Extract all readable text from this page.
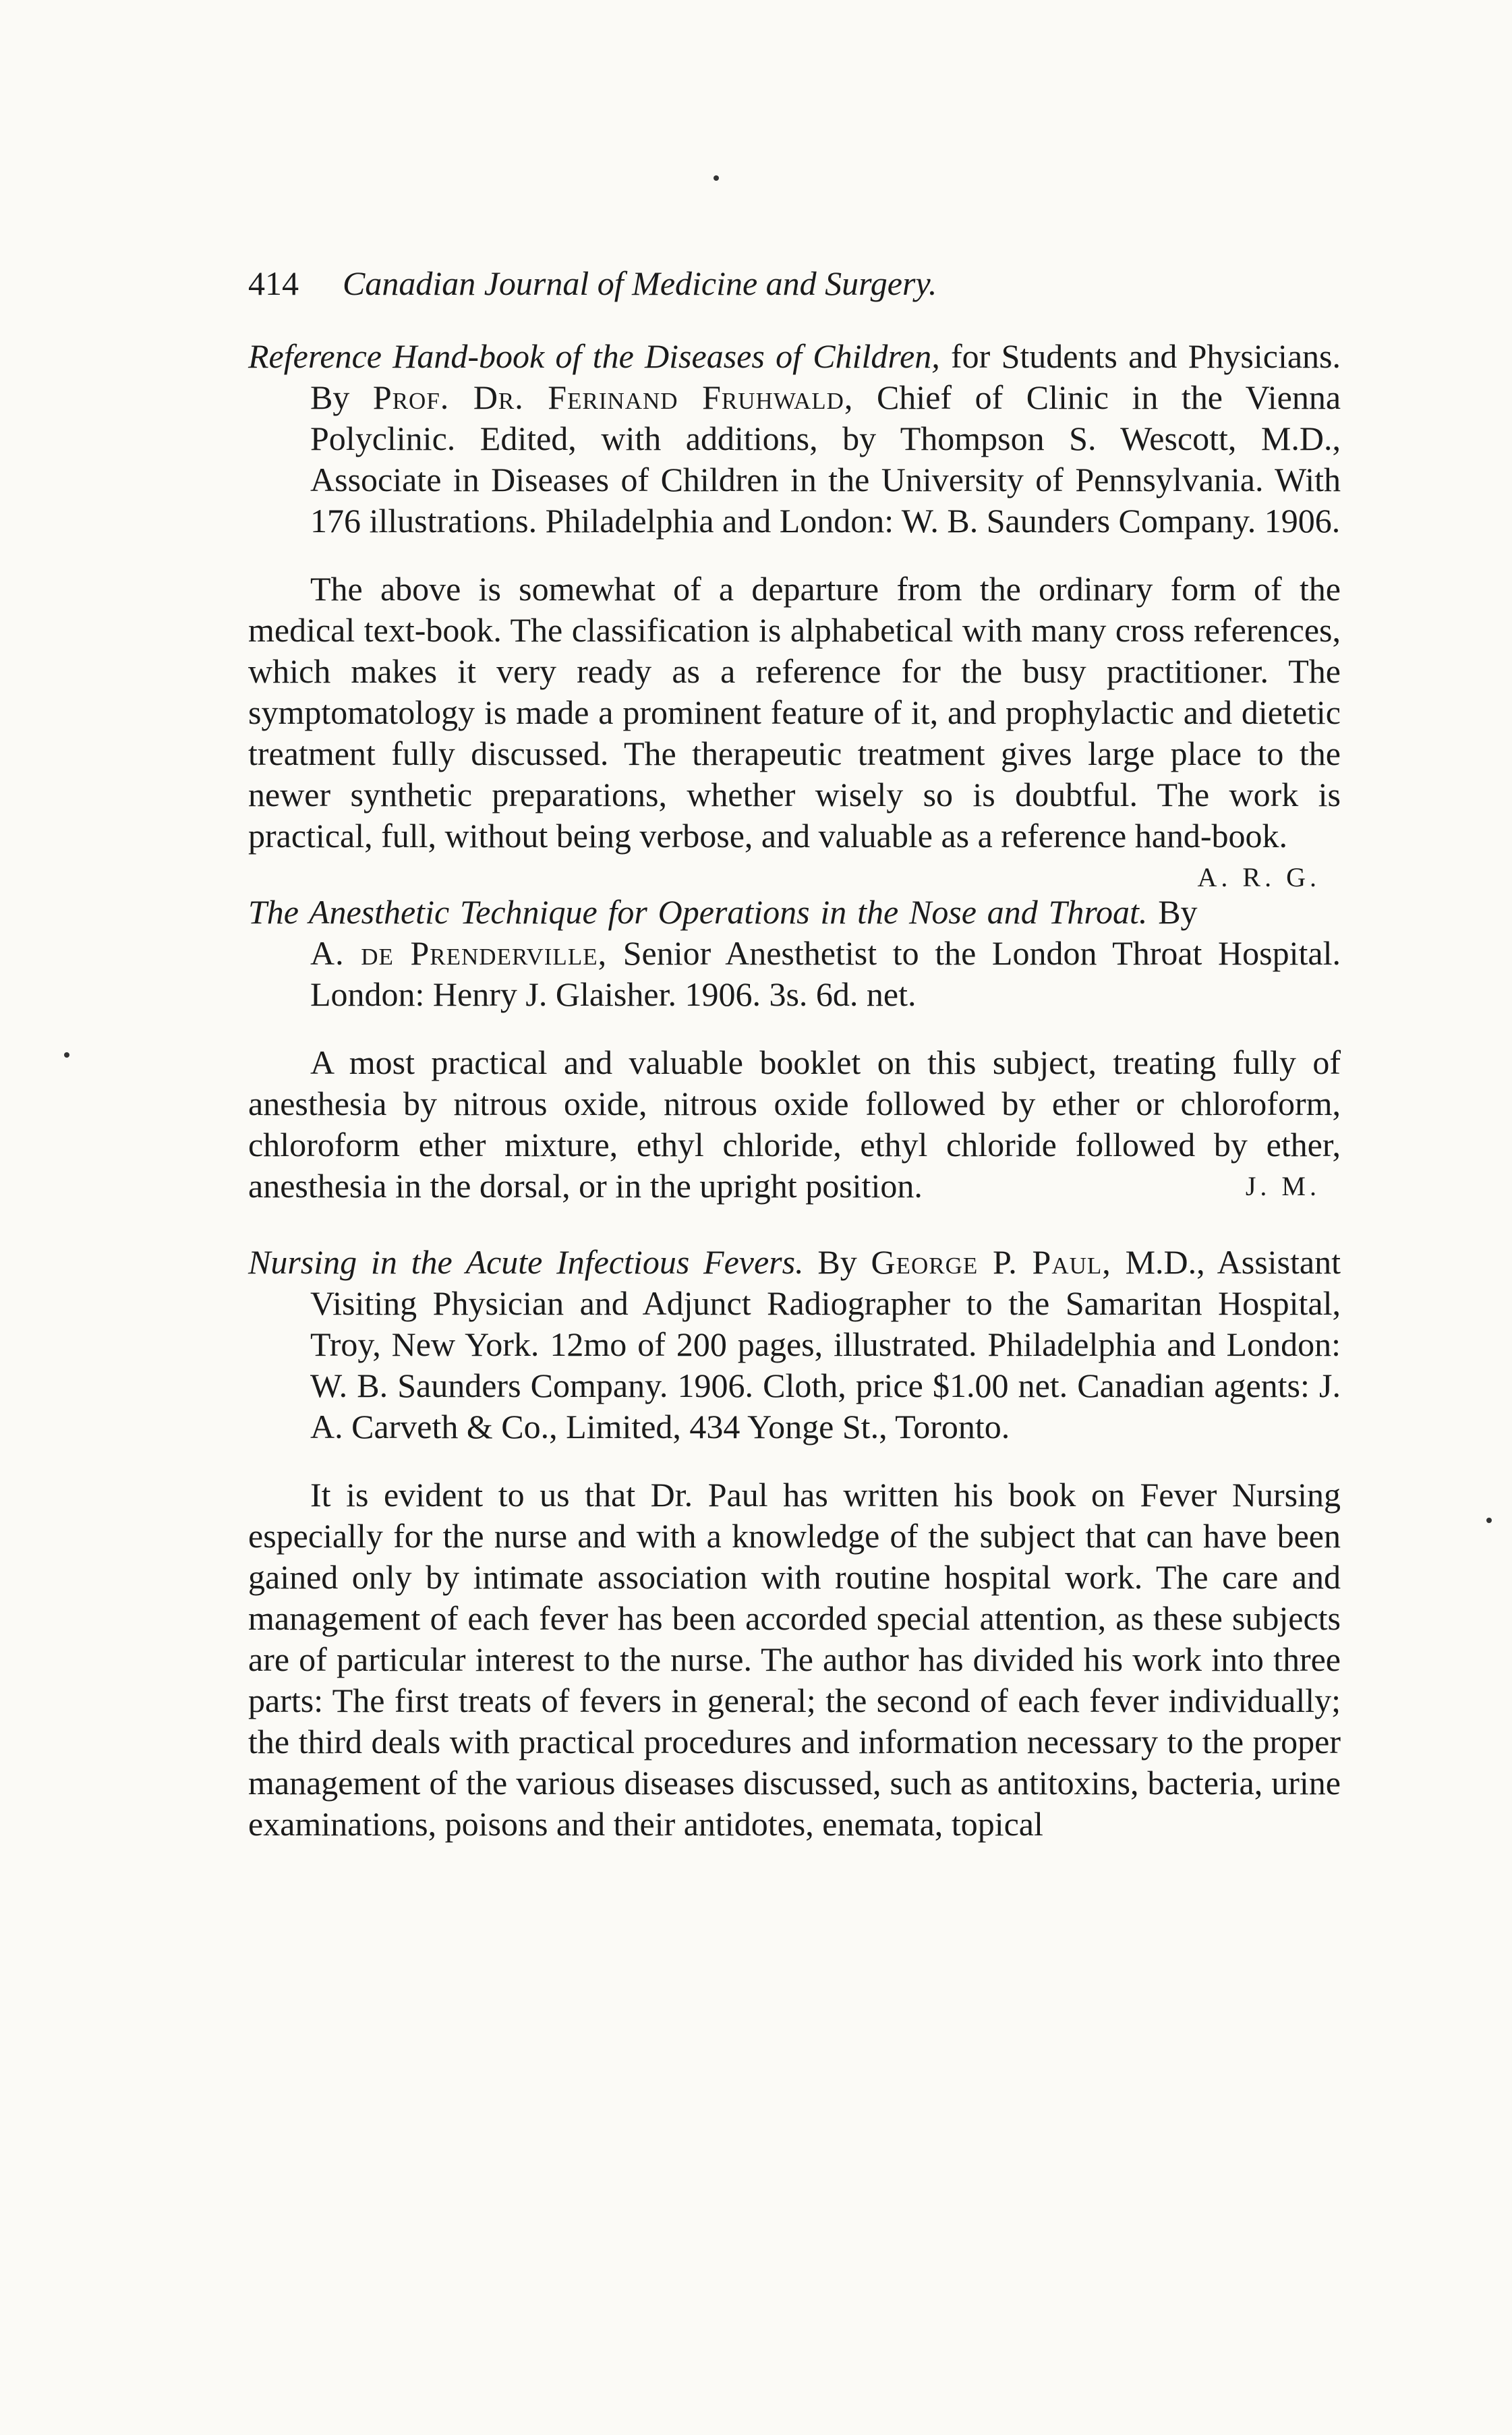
414	Canadian Journal of Medicine and Surgery.

Reference Hand-book of the Diseases of Children, for Students and Physicians. By Prof. Dr. Ferinand Fruhwald, Chief of Clinic in the Vienna Polyclinic. Edited, with additions, by Thompson S. Wescott, M.D., Associate in Diseases of Children in the University of Pennsylvania. With 176 illustrations. Philadelphia and London: W. B. Saunders Company. 1906.

The above is somewhat of a departure from the ordinary form of the medical text-book. The classification is alphabetical with many cross references, which makes it very ready as a reference for the busy practitioner. The symptomatology is made a prominent feature of it, and prophylactic and dietetic treatment fully discussed. The therapeutic treatment gives large place to the newer synthetic preparations, whether wisely so is doubtful. The work is practical, full, without being verbose, and valuable as a reference hand-book.
A. R. G.

The Anesthetic Technique for Operations in the Nose and Throat. By A. de Prendervil​le, Senior Anesthetist to the London Throat Hospital. London: Henry J. Glaisher. 1906. 3s. 6d. net.

A most practical and valuable booklet on this subject, treating fully of anesthesia by nitrous oxide, nitrous oxide followed by ether or chloroform, chloroform ether mixture, ethyl chloride, ethyl chloride followed by ether, anesthesia in the dorsal, or in the upright position.	J. M.

Nursing in the Acute Infectious Fevers. By George P. Paul, M.D., Assistant Visiting Physician and Adjunct Radiographer to the Samaritan Hospital, Troy, New York. 12mo of 200 pages, illustrated. Philadelphia and London: W. B. Saunders Company. 1906. Cloth, price $1.00 net. Canadian agents: J. A. Carveth & Co., Limited, 434 Yonge St., Toronto.

It is evident to us that Dr. Paul has written his book on Fever Nursing especially for the nurse and with a knowledge of the subject that can have been gained only by intimate association with routine hospital work. The care and management of each fever has been accorded special attention, as these subjects are of particular interest to the nurse. The author has divided his work into three parts: The first treats of fevers in general; the second of each fever individually; the third deals with practical procedures and information necessary to the proper management of the various diseases discussed, such as antitoxins, bacteria, urine examinations, poisons and their antidotes, enemata, topical
